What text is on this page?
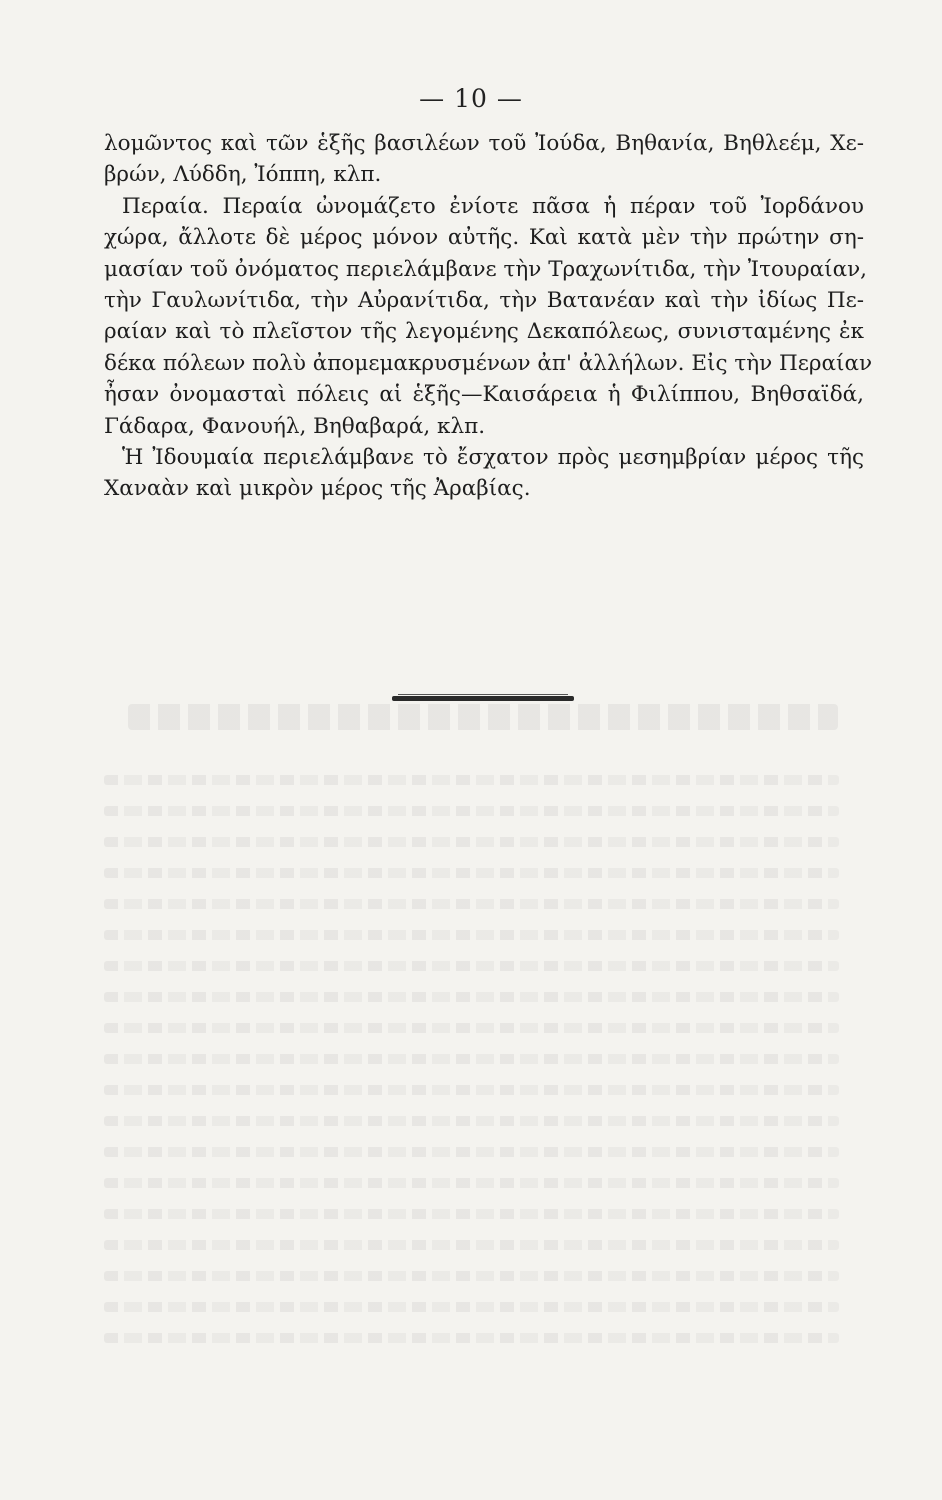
— 10 —
λομῶντος καὶ τῶν ἑξῆς βασιλέων τοῦ Ἰούδα, Βηθανία, Βηθλεέμ, Χε-
βρών, Λύδδη, Ἰόππη, κλπ.
Περαία. Περαία ὠνομάζετο ἐνίοτε πᾶσα ἡ πέραν τοῦ Ἰορδάνου
χώρα, ἄλλοτε δὲ μέρος μόνον αὐτῆς. Καὶ κατὰ μὲν τὴν πρώτην ση-
μασίαν τοῦ ὀνόματος περιελάμβανε τὴν Τραχωνίτιδα, τὴν Ἰτουραίαν,
τὴν Γαυλωνίτιδα, τὴν Αὐρανίτιδα, τὴν Βατανέαν καὶ τὴν ἰδίως Πε-
ραίαν καὶ τὸ πλεῖστον τῆς λεγομένης Δεκαπόλεως, συνισταμένης ἐκ
δέκα πόλεων πολὺ ἀπομεμακρυσμένων ἀπ' ἀλλήλων. Εἰς τὴν Περαίαν
ἦσαν ὀνομασταὶ πόλεις αἱ ἑξῆς—Καισάρεια ἡ Φιλίππου, Βηθσαϊδά,
Γάδαρα, Φανουήλ, Βηθαβαρά, κλπ.
Ἡ Ἰδουμαία περιελάμβανε τὸ ἔσχατον πρὸς μεσημβρίαν μέρος τῆς
Χαναὰν καὶ μικρὸν μέρος τῆς Ἀραβίας.
